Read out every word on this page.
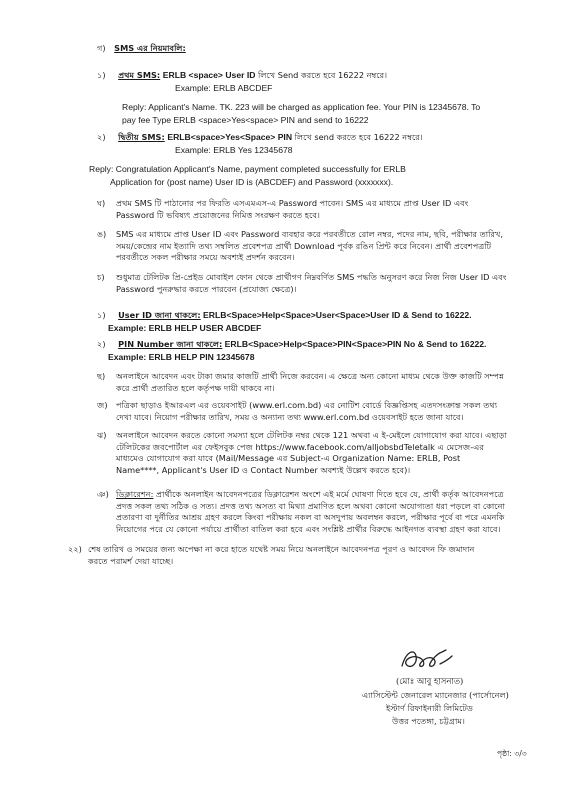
গ) SMS এর নিয়মাবলি:
১) প্রথম SMS: ERLB <space> User ID লিখে Send করতে হবে 16222 নম্বরে।
Example: ERLB ABCDEF
Reply: Applicant's Name. TK. 223 will be charged as application fee. Your PIN is 12345678. To
pay fee Type ERLB <space>Yes<space> PIN and send to 16222
২) দ্বিতীয় SMS: ERLB<space>Yes<Space> PIN লিখে send করতে হবে 16222 নম্বরে।
Example: ERLB Yes 12345678
Reply: Congratulation Applicant's Name, payment completed successfully for ERLB
Application for (post name) User ID is (ABCDEF) and Password (xxxxxxx).
ঘ) প্রথম SMS টি পাঠানোর পর ফিরতি এসএমএস-এ Password পাবেন। SMS এর মাধ্যমে প্রাপ্ত User ID এবং
Password টি ভবিষ্যৎ প্রয়োজনের নিমিত্ত সংরক্ষণ করতে হবে।
ঙ) SMS এর মাধ্যমে প্রাপ্ত User ID এবং Password ব্যবহার করে পরবর্তীতে রোল নম্বর, পদের নাম, ছবি, পরীক্ষার তারিখ,
সময়/কেন্দ্রের নাম ইত্যাদি তথ্য সম্বলিত প্রবেশপত্র প্রার্থী Download পূর্বক রঙিন প্রিন্ট করে নিবেন। প্রার্থী প্রবেশপত্রটি
পরবর্তীতে সকল পরীক্ষার সময়ে অবশ্যই প্রদর্শন করবেন।
চ) শুধুমাত্র টেলিটক প্রি-প্রেইড মোবাইল ফোন থেকে প্রার্থীগণ নিম্নবর্ণিত SMS পদ্ধতি অনুসরণ করে নিজ নিজ User ID এবং
Password পুনরুদ্ধার করতে পারবেন (প্রযোজ্য ক্ষেত্রে)।
১) User ID জানা থাকলে: ERLB<Space>Help<Space>User<Space>User ID & Send to 16222.
Example: ERLB HELP USER ABCDEF
২) PIN Number জানা থাকলে: ERLB<Space>Help<Space>PIN<Space>PIN No & Send to 16222.
Example: ERLB HELP PIN 12345678
ছ) অনলাইনে আবেদন এবং টাকা জমার কাজটি প্রার্থী নিজে করবেন। এ ক্ষেত্রে অন্য কোনো মাধ্যম থেকে উক্ত কাজটি সম্পন্ন
করে প্রার্থী প্রতারিত হলে কর্তৃপক্ষ দায়ী থাকবে না।
জ) পত্রিকা ছাড়াও ইআরএল এর ওয়েবসাইট (www.erl.com.bd) এর নোটিশ বোর্ডে বিজ্ঞপ্তিসহ এতদসংক্রান্ত সকল তথ্য
দেখা যাবে। নিয়োগ পরীক্ষার তারিখ, সময় ও অন্যান্য তথ্য www.erl.com.bd ওয়েবসাইট হতে জানা যাবে।
ঝ) অনলাইনে আবেদন করতে কোনো সমস্যা হলে টেলিটক নম্বর থেকে 121 অথবা এ ই-মেইলে যোগাযোগ করা যাবে। এছাড়া
টেলিটকের জবপোর্টাল এর ফেইসবুক পেজ https://www.facebook.com/alljobsbdTeletalk এ মেসেজ-এর
মাধ্যমেও যোগাযোগ করা যাবে (Mail/Message এর Subject-এ Organization Name: ERLB, Post
Name****, Applicant's User ID ও Contact Number অবশ্যই উল্লেখ করতে হবে)।
ঞ) ডিক্লারেশন: প্রার্থীকে অনলাইন আবেদনপত্রের ডিক্লারেশন অংশে এই মর্মে ঘোষণা দিতে হবে যে, প্রার্থী কর্তৃক আবেদনপত্রে
প্রদত্ত সকল তথ্য সঠিক ও সত্য। প্রদত্ত তথ্য অসত্য বা মিথ্যা প্রমাণিত হলে অথবা কোনো অযোগ্যতা ধরা পড়লে বা কোনো
প্রতারণা বা দুর্নীতির আশ্রয় গ্রহণ করলে কিংবা পরীক্ষায় নকল বা অসদুপায় অবলম্বন করলে, পরীক্ষার পূর্বে বা পরে এমনকি
নিয়োগের পরে যে কোনো পর্যায়ে প্রার্থীতা বাতিল করা হবে এবং সংশ্লিষ্ট প্রার্থীর বিরুদ্ধে আইনগত ব্যবস্থা গ্রহণ করা যাবে।
২২) শেষ তারিখ ও সময়ের জন্য অপেক্ষা না করে হাতে যথেষ্ট সময় নিয়ে অনলাইনে আবেদনপত্র পূরণ ও আবেদন ফি জমাদান
করতে পরামর্শ দেয়া যাচ্ছে।
(মোঃ আবু হাসনাত)
এ্যাসিস্টেন্ট জেনারেল ম্যানেজার (পার্সোনেল)
ইস্টার্ণ রিফাইনারী লিমিটেড
উত্তর পতেঙ্গা, চট্টগ্রাম।
পৃষ্ঠা: ৩/৩
